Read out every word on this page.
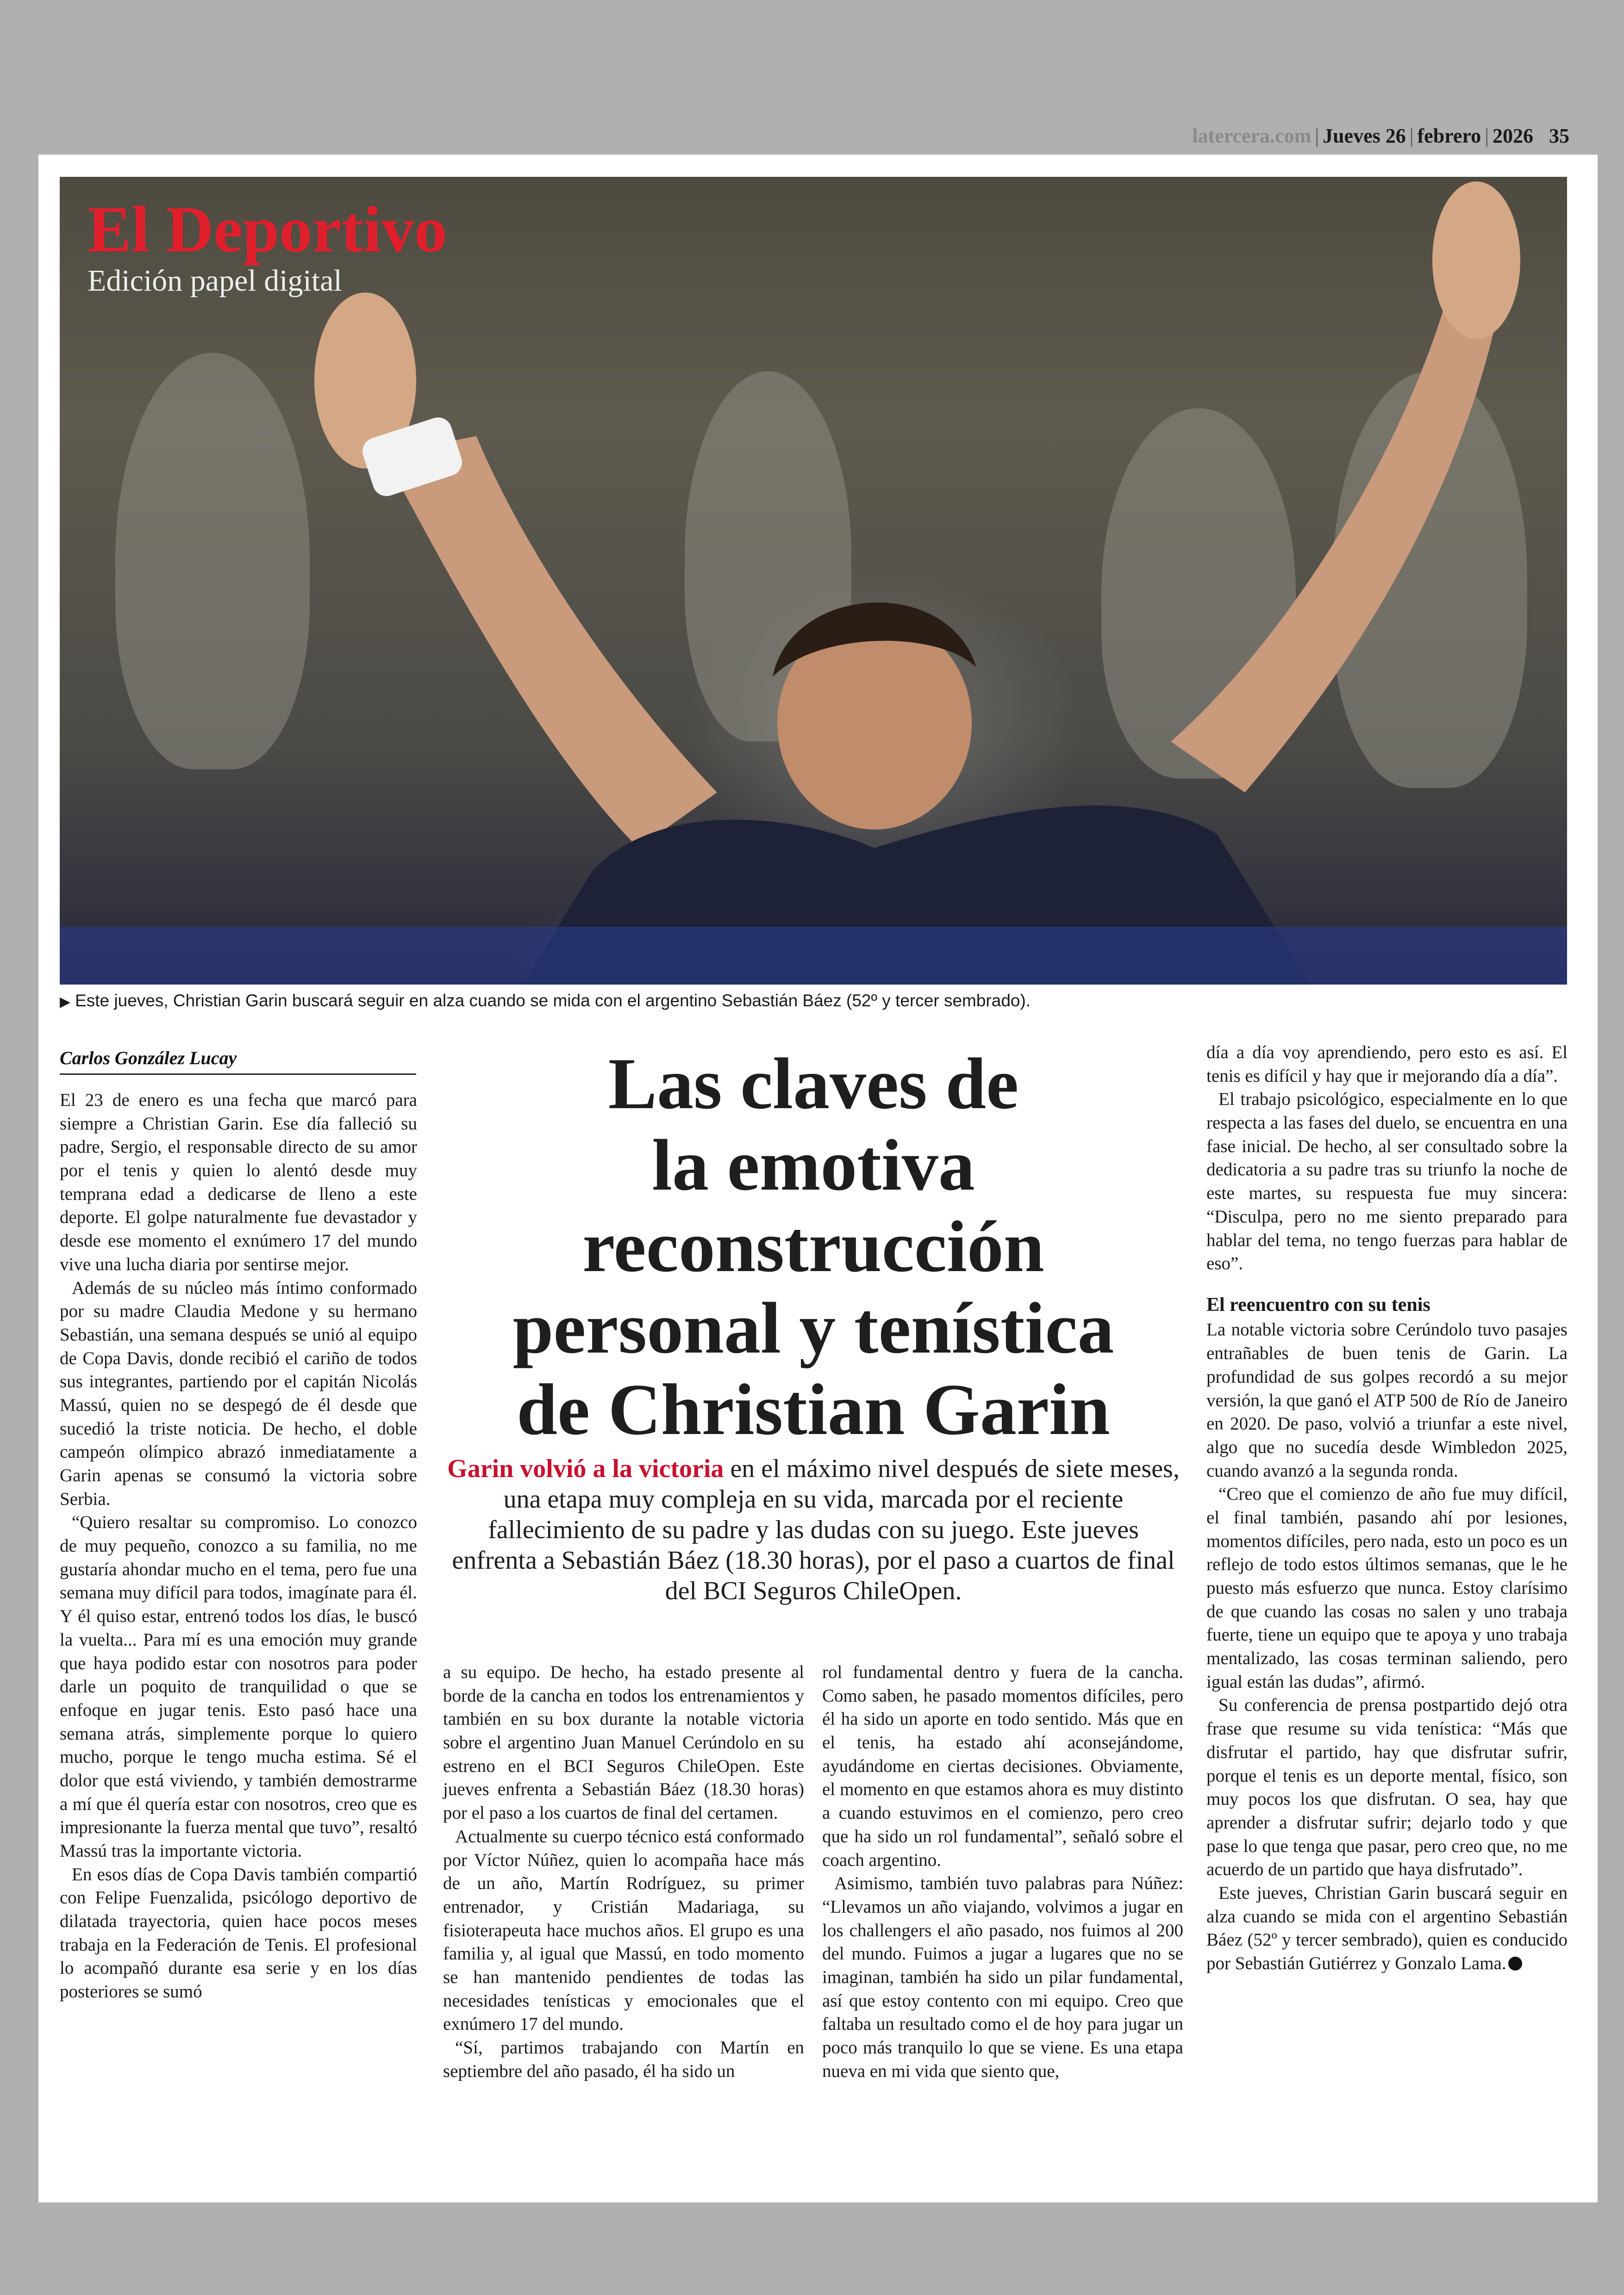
latercera.com | Jueves 26 | febrero | 2026 35
El Deportivo
Edición papel digital
▶ Este jueves, Christian Garin buscará seguir en alza cuando se mida con el argentino Sebastián Báez (52º y tercer sembrado).
Carlos González Lucay

El 23 de enero es una fecha que marcó para siempre a Christian Garin. Ese día falleció su padre, Sergio, el responsable directo de su amor por el tenis y quien lo alentó desde muy temprana edad a dedicarse de lleno a este deporte. El golpe naturalmente fue devastador y desde ese momento el exnúmero 17 del mundo vive una lucha diaria por sentirse mejor.

Además de su núcleo más íntimo conformado por su madre Claudia Medone y su hermano Sebastián, una semana después se unió al equipo de Copa Davis, donde recibió el cariño de todos sus integrantes, partiendo por el capitán Nicolás Massú, quien no se despegó de él desde que sucedió la triste noticia. De hecho, el doble campeón olímpico abrazó inmediatamente a Garin apenas se consumó la victoria sobre Serbia.

“Quiero resaltar su compromiso. Lo conozco de muy pequeño, conozco a su familia, no me gustaría ahondar mucho en el tema, pero fue una semana muy difícil para todos, imagínate para él. Y él quiso estar, entrenó todos los días, le buscó la vuelta... Para mí es una emoción muy grande que haya podido estar con nosotros para poder darle un poquito de tranquilidad o que se enfoque en jugar tenis. Esto pasó hace una semana atrás, simplemente porque lo quiero mucho, porque le tengo mucha estima. Sé el dolor que está viviendo, y también demostrarme a mí que él quería estar con nosotros, creo que es impresionante la fuerza mental que tuvo”, resaltó Massú tras la importante victoria.

En esos días de Copa Davis también compartió con Felipe Fuenzalida, psicólogo deportivo de dilatada trayectoria, quien hace pocos meses trabaja en la Federación de Tenis. El profesional lo acompañó durante esa serie y en los días posteriores se sumó

Las claves de
la emotiva
reconstrucción
personal y tenística
de Christian Garin
Garin volvió a la victoria en el máximo nivel después de siete meses, una etapa muy compleja en su vida, marcada por el reciente fallecimiento de su padre y las dudas con su juego. Este jueves enfrenta a Sebastián Báez (18.30 horas), por el paso a cuartos de final del BCI Seguros ChileOpen.

a su equipo. De hecho, ha estado presente al borde de la cancha en todos los entrenamientos y también en su box durante la notable victoria sobre el argentino Juan Manuel Cerúndolo en su estreno en el BCI Seguros ChileOpen. Este jueves enfrenta a Sebastián Báez (18.30 horas) por el paso a los cuartos de final del certamen.

Actualmente su cuerpo técnico está conformado por Víctor Núñez, quien lo acompaña hace más de un año, Martín Rodríguez, su primer entrenador, y Cristián Madariaga, su fisioterapeuta hace muchos años. El grupo es una familia y, al igual que Massú, en todo momento se han mantenido pendientes de todas las necesidades tenísticas y emocionales que el exnúmero 17 del mundo.

“Sí, partimos trabajando con Martín en septiembre del año pasado, él ha sido un

rol fundamental dentro y fuera de la cancha. Como saben, he pasado momentos difíciles, pero él ha sido un aporte en todo sentido. Más que en el tenis, ha estado ahí aconsejándome, ayudándome en ciertas decisiones. Obviamente, el momento en que estamos ahora es muy distinto a cuando estuvimos en el comienzo, pero creo que ha sido un rol fundamental”, señaló sobre el coach argentino.

Asimismo, también tuvo palabras para Núñez: “Llevamos un año viajando, volvimos a jugar en los challengers el año pasado, nos fuimos al 200 del mundo. Fuimos a jugar a lugares que no se imaginan, también ha sido un pilar fundamental, así que estoy contento con mi equipo. Creo que faltaba un resultado como el de hoy para jugar un poco más tranquilo lo que se viene. Es una etapa nueva en mi vida que siento que,

día a día voy aprendiendo, pero esto es así. El tenis es difícil y hay que ir mejorando día a día”.

El trabajo psicológico, especialmente en lo que respecta a las fases del duelo, se encuentra en una fase inicial. De hecho, al ser consultado sobre la dedicatoria a su padre tras su triunfo la noche de este martes, su respuesta fue muy sincera: “Disculpa, pero no me siento preparado para hablar del tema, no tengo fuerzas para hablar de eso”.

El reencuentro con su tenis

La notable victoria sobre Cerúndolo tuvo pasajes entrañables de buen tenis de Garin. La profundidad de sus golpes recordó a su mejor versión, la que ganó el ATP 500 de Río de Janeiro en 2020. De paso, volvió a triunfar a este nivel, algo que no sucedía desde Wimbledon 2025, cuando avanzó a la segunda ronda.

“Creo que el comienzo de año fue muy difícil, el final también, pasando ahí por lesiones, momentos difíciles, pero nada, esto un poco es un reflejo de todo estos últimos semanas, que le he puesto más esfuerzo que nunca. Estoy clarísimo de que cuando las cosas no salen y uno trabaja fuerte, tiene un equipo que te apoya y uno trabaja mentalizado, las cosas terminan saliendo, pero igual están las dudas”, afirmó.

Su conferencia de prensa postpartido dejó otra frase que resume su vida tenística: “Más que disfrutar el partido, hay que disfrutar sufrir, porque el tenis es un deporte mental, físico, son muy pocos los que disfrutan. O sea, hay que aprender a disfrutar sufrir; dejarlo todo y que pase lo que tenga que pasar, pero creo que, no me acuerdo de un partido que haya disfrutado”.

Este jueves, Christian Garin buscará seguir en alza cuando se mida con el argentino Sebastián Báez (52º y tercer sembrado), quien es conducido por Sebastián Gutiérrez y Gonzalo Lama.
